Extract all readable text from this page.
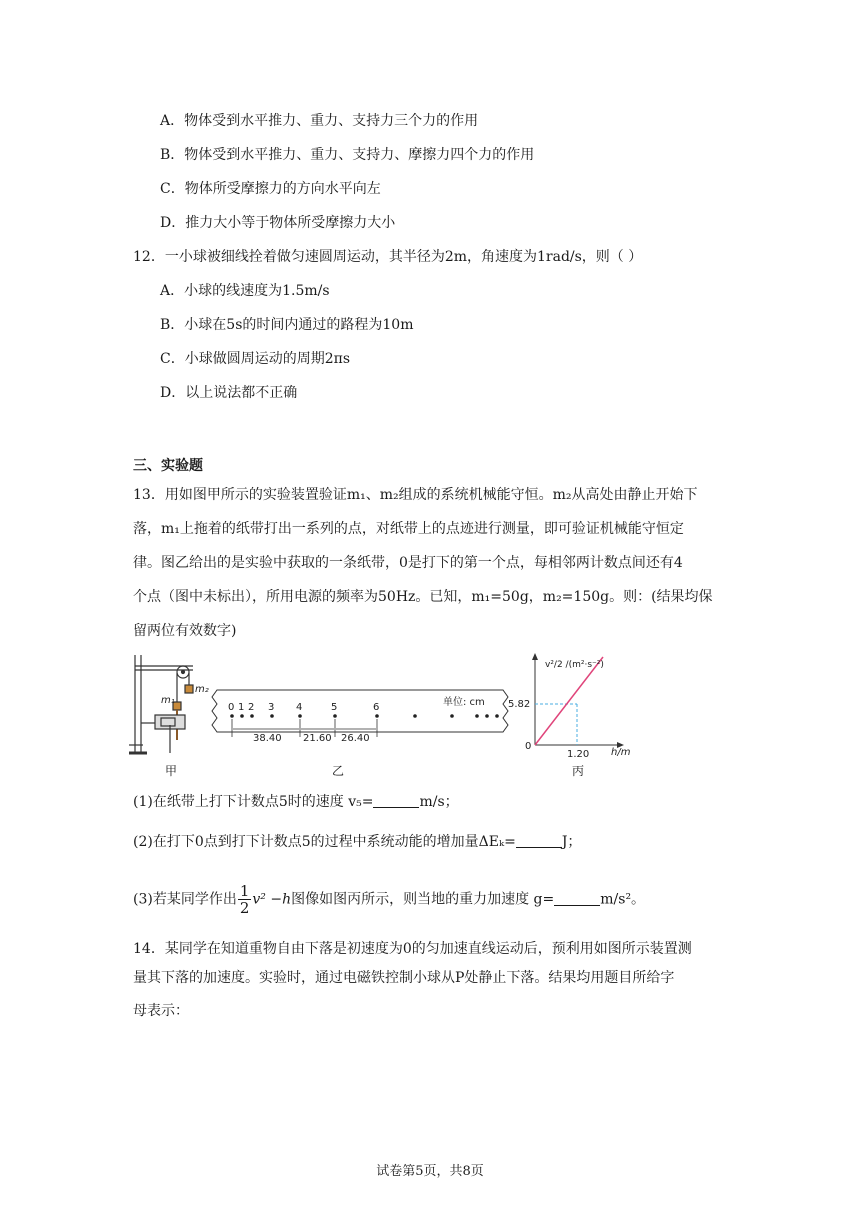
A．物体受到水平推力、重力、支持力三个力的作用
B．物体受到水平推力、重力、支持力、摩擦力四个力的作用
C．物体所受摩擦力的方向水平向左
D．推力大小等于物体所受摩擦力大小
12．一小球被细线拴着做匀速圆周运动，其半径为2m，角速度为1rad/s，则（ ）
A．小球的线速度为1.5m/s
B．小球在5s的时间内通过的路程为10m
C．小球做圆周运动的周期2πs
D．以上说法都不正确
三、实验题
13．用如图甲所示的实验装置验证m₁、m₂组成的系统机械能守恒。m₂从高处由静止开始下
落，m₁上拖着的纸带打出一系列的点，对纸带上的点迹进行测量，即可验证机械能守恒定
律。图乙给出的是实验中获取的一条纸带，0是打下的第一个点，每相邻两计数点间还有4
个点（图中未标出），所用电源的频率为50Hz。已知，m₁=50g，m₂=150g。则：(结果均保
留两位有效数字)
m₁
m₂
0 1 2 3 4	5	6	单位: cm
38.40 21.60 26.40
v²/2 /(m²·s⁻²)
5.82
0
1.20 h/m
甲	乙	丙
(1)在纸带上打下计数点5时的速度 v₅=	m/s；
(2)在打下0点到打下计数点5的过程中系统动能的增加量ΔEₖ=	J；
(3)若某同学作出 $\frac{1}{2} v^2 -h$图像如图丙所示，则当地的重力加速度 g=	m/s²。
14．某同学在知道重物自由下落是初速度为0的匀加速直线运动后，预利用如图所示装置测
量其下落的加速度。实验时，通过电磁铁控制小球从P处静止下落。结果均用题目所给字
母表示：
试卷第5页，共8页
